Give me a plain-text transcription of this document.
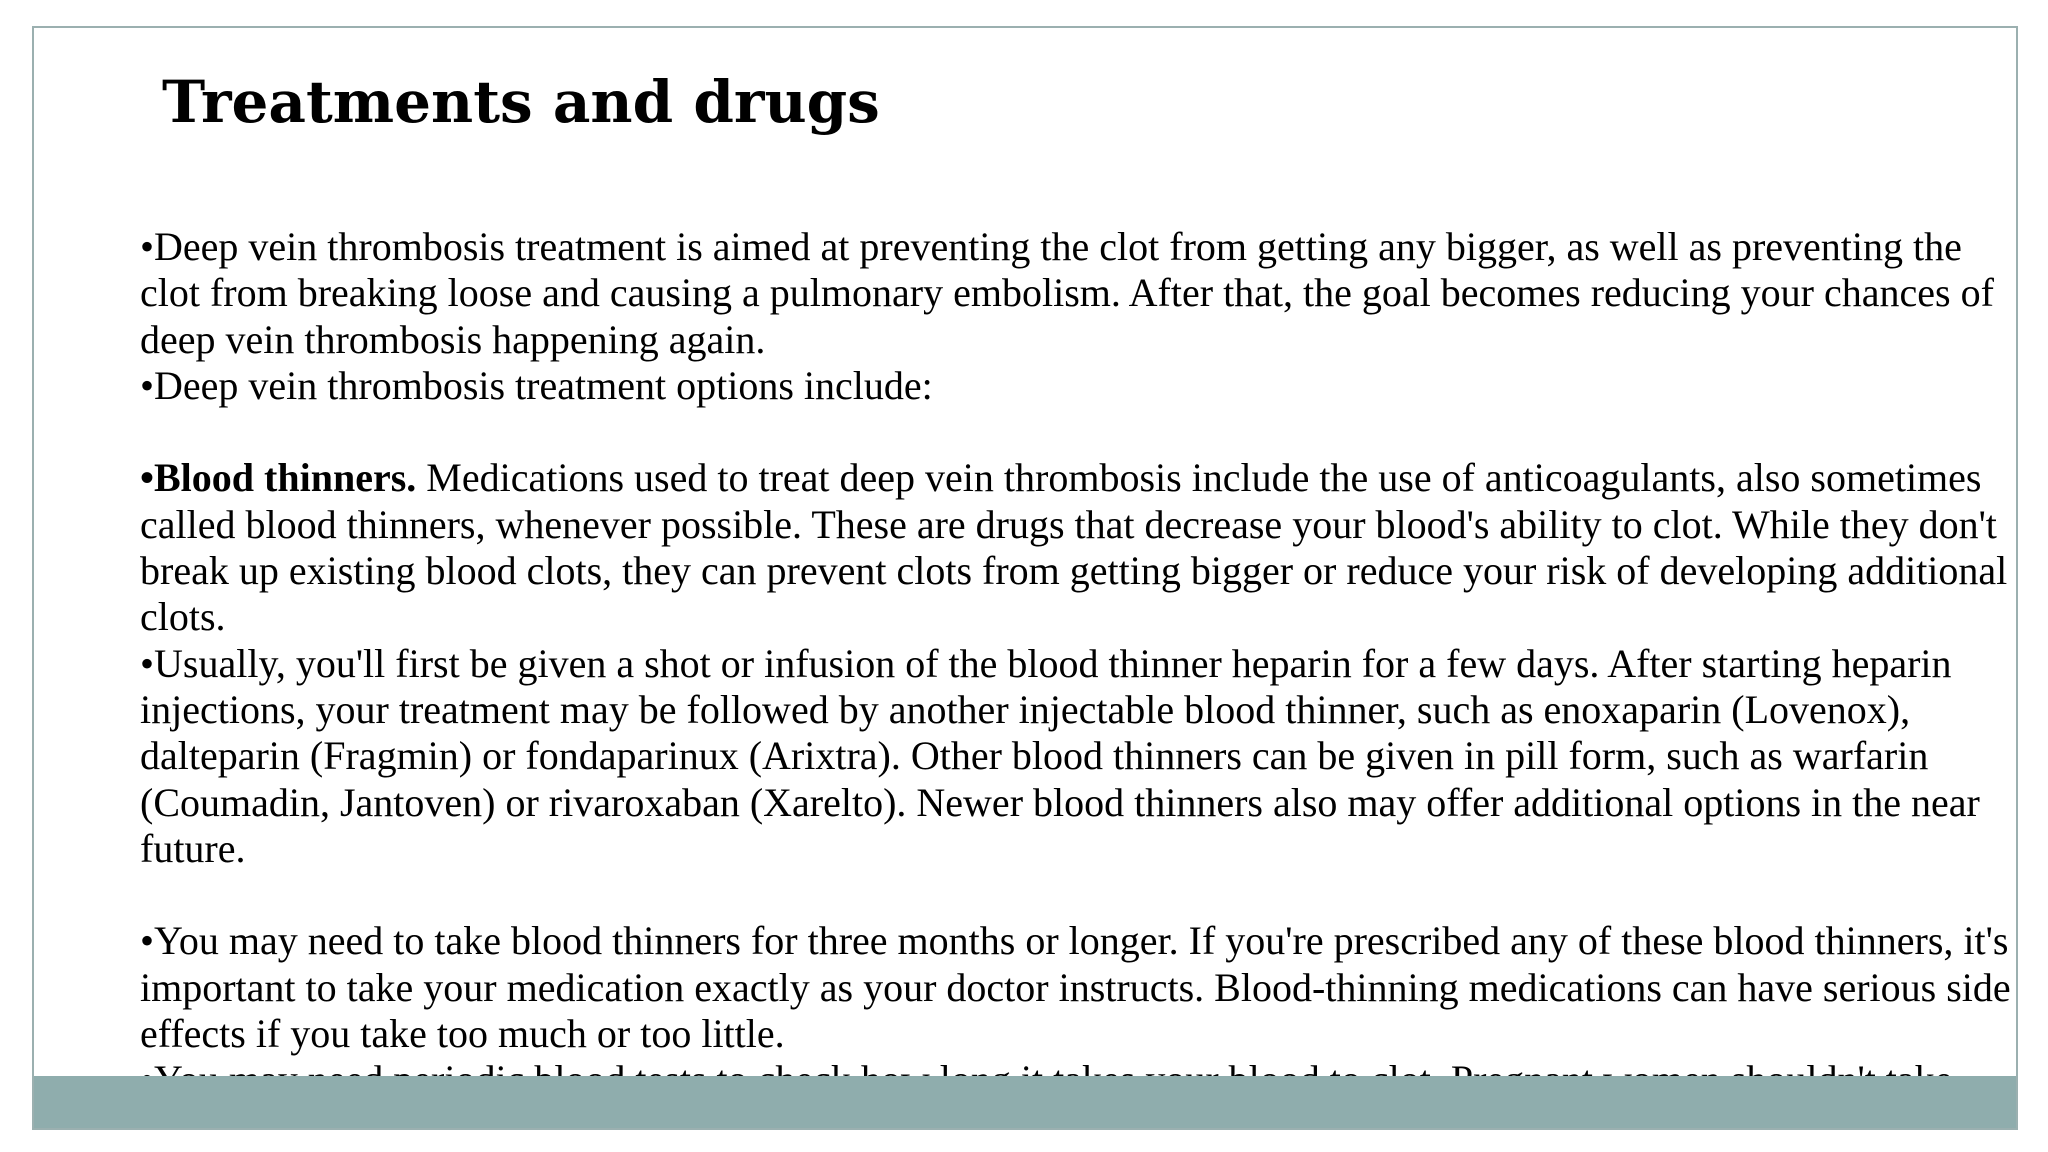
Treatments and drugs

•Deep vein thrombosis treatment is aimed at preventing the clot from getting any bigger, as well as preventing the clot from breaking loose and causing a pulmonary embolism. After that, the goal becomes reducing your chances of deep vein thrombosis happening again.

•Deep vein thrombosis treatment options include:

•Blood thinners. Medications used to treat deep vein thrombosis include the use of anticoagulants, also sometimes called blood thinners, whenever possible. These are drugs that decrease your blood's ability to clot. While they don't break up existing blood clots, they can prevent clots from getting bigger or reduce your risk of developing additional clots.

•Usually, you'll first be given a shot or infusion of the blood thinner heparin for a few days. After starting heparin injections, your treatment may be followed by another injectable blood thinner, such as enoxaparin (Lovenox), dalteparin (Fragmin) or fondaparinux (Arixtra). Other blood thinners can be given in pill form, such as warfarin (Coumadin, Jantoven) or rivaroxaban (Xarelto). Newer blood thinners also may offer additional options in the near future.

•You may need to take blood thinners for three months or longer. If you're prescribed any of these blood thinners, it's important to take your medication exactly as your doctor instructs. Blood-thinning medications can have serious side effects if you take too much or too little.
